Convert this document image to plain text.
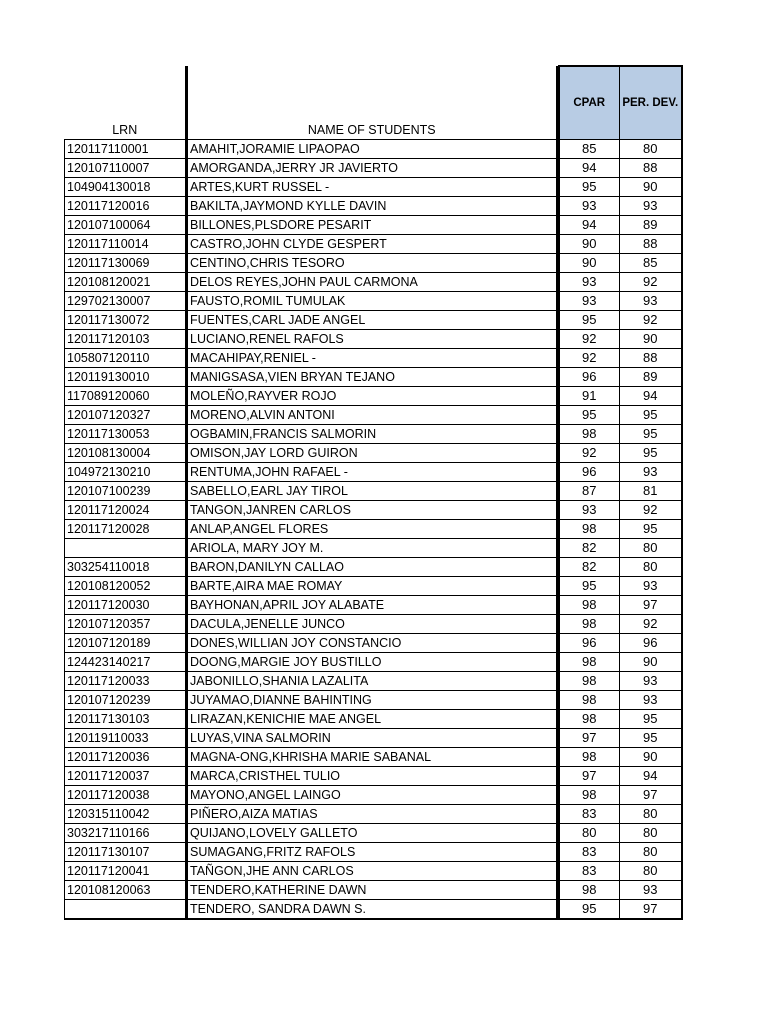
LRN	NAME OF STUDENTS		CPAR	PER. DEV.
120117110001	AMAHIT,JORAMIE LIPAOPAO		85	80
120107110007	AMORGANDA,JERRY JR JAVIERTO		94	88
104904130018	ARTES,KURT RUSSEL -		95	90
120117120016	BAKILTA,JAYMOND KYLLE DAVIN		93	93
120107100064	BILLONES,PLSDORE PESARIT		94	89
120117110014	CASTRO,JOHN CLYDE GESPERT		90	88
120117130069	CENTINO,CHRIS TESORO		90	85
120108120021	DELOS REYES,JOHN PAUL CARMONA		93	92
129702130007	FAUSTO,ROMIL TUMULAK		93	93
120117130072	FUENTES,CARL JADE ANGEL		95	92
120117120103	LUCIANO,RENEL RAFOLS		92	90
105807120110	MACAHIPAY,RENIEL -		92	88
120119130010	MANIGSASA,VIEN BRYAN TEJANO		96	89
117089120060	MOLEÑO,RAYVER ROJO		91	94
120107120327	MORENO,ALVIN ANTONI		95	95
120117130053	OGBAMIN,FRANCIS SALMORIN		98	95
120108130004	OMISON,JAY LORD GUIRON		92	95
104972130210	RENTUMA,JOHN RAFAEL -		96	93
120107100239	SABELLO,EARL JAY TIROL		87	81
120117120024	TANGON,JANREN CARLOS		93	92
120117120028	ANLAP,ANGEL FLORES		98	95
	ARIOLA, MARY JOY M.		82	80
303254110018	BARON,DANILYN CALLAO		82	80
120108120052	BARTE,AIRA MAE ROMAY		95	93
120117120030	BAYHONAN,APRIL JOY ALABATE		98	97
120107120357	DACULA,JENELLE JUNCO		98	92
120107120189	DONES,WILLIAN JOY CONSTANCIO		96	96
124423140217	DOONG,MARGIE JOY BUSTILLO		98	90
120117120033	JABONILLO,SHANIA LAZALITA		98	93
120107120239	JUYAMAO,DIANNE BAHINTING		98	93
120117130103	LIRAZAN,KENICHIE MAE ANGEL		98	95
120119110033	LUYAS,VINA SALMORIN		97	95
120117120036	MAGNA-ONG,KHRISHA MARIE SABANAL		98	90
120117120037	MARCA,CRISTHEL TULIO		97	94
120117120038	MAYONO,ANGEL LAINGO		98	97
120315110042	PIÑERO,AIZA MATIAS		83	80
303217110166	QUIJANO,LOVELY GALLETO		80	80
120117130107	SUMAGANG,FRITZ RAFOLS		83	80
120117120041	TAÑGON,JHE ANN CARLOS		83	80
120108120063	TENDERO,KATHERINE DAWN		98	93
	TENDERO, SANDRA DAWN S.		95	97
